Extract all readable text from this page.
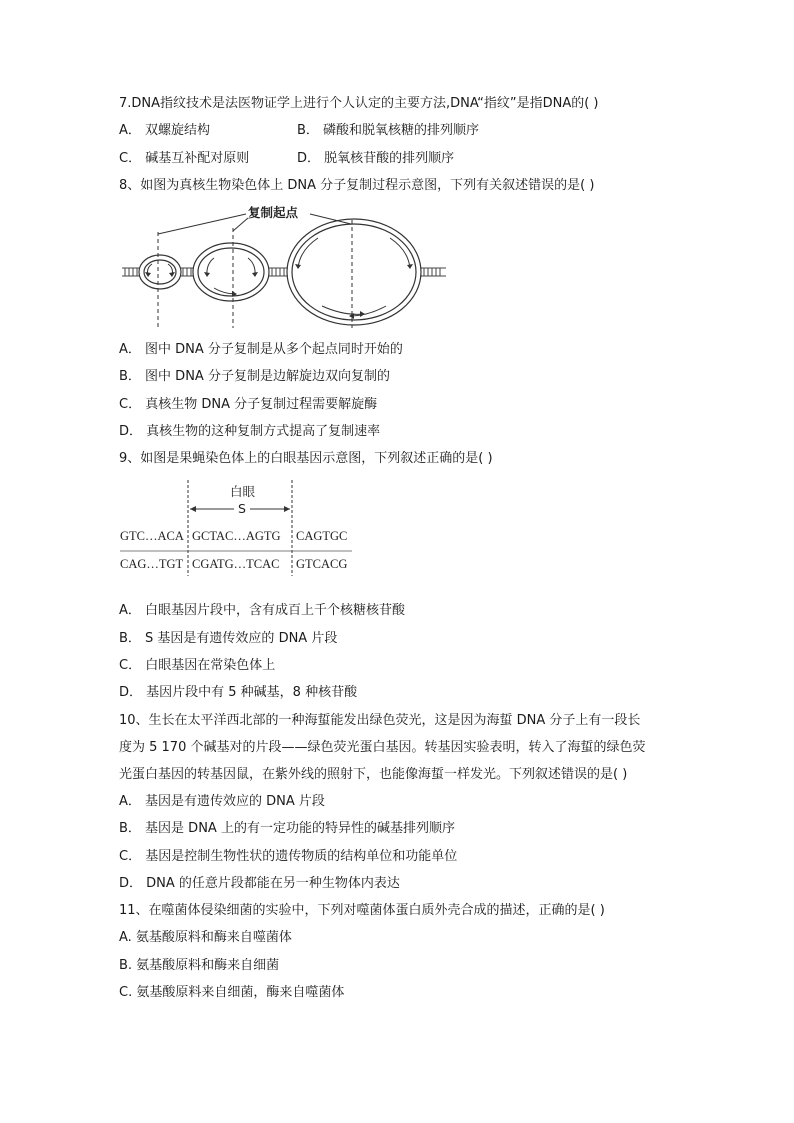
7.DNA指纹技术是法医物证学上进行个人认定的主要方法,DNA“指纹”是指DNA的( )
A． 双螺旋结构	B． 磷酸和脱氧核糖的排列顺序
C． 碱基互补配对原则	D． 脱氧核苷酸的排列顺序
8、如图为真核生物染色体上 DNA 分子复制过程示意图，下列有关叙述错误的是( )
复制起点
A． 图中 DNA 分子复制是从多个起点同时开始的
B． 图中 DNA 分子复制是边解旋边双向复制的
C． 真核生物 DNA 分子复制过程需要解旋酶
D． 真核生物的这种复制方式提高了复制速率
9、如图是果蝇染色体上的白眼基因示意图，下列叙述正确的是( )
白眼
S
GTC…ACA GCTAC…AGTG CAGTGC
CAG…TGT CGATG…TCAC GTCACG
A． 白眼基因片段中，含有成百上千个核糖核苷酸
B． S 基因是有遗传效应的 DNA 片段
C． 白眼基因在常染色体上
D． 基因片段中有 5 种碱基，8 种核苷酸
10、生长在太平洋西北部的一种海蜇能发出绿色荧光，这是因为海蜇 DNA 分子上有一段长
度为 5 170 个碱基对的片段——绿色荧光蛋白基因。转基因实验表明，转入了海蜇的绿色荧
光蛋白基因的转基因鼠，在紫外线的照射下，也能像海蜇一样发光。下列叙述错误的是( )
A． 基因是有遗传效应的 DNA 片段
B． 基因是 DNA 上的有一定功能的特异性的碱基排列顺序
C． 基因是控制生物性状的遗传物质的结构单位和功能单位
D． DNA 的任意片段都能在另一种生物体内表达
11、在噬菌体侵染细菌的实验中，下列对噬菌体蛋白质外壳合成的描述，正确的是( )
A. 氨基酸原料和酶来自噬菌体
B. 氨基酸原料和酶来自细菌
C. 氨基酸原料来自细菌，酶来自噬菌体
